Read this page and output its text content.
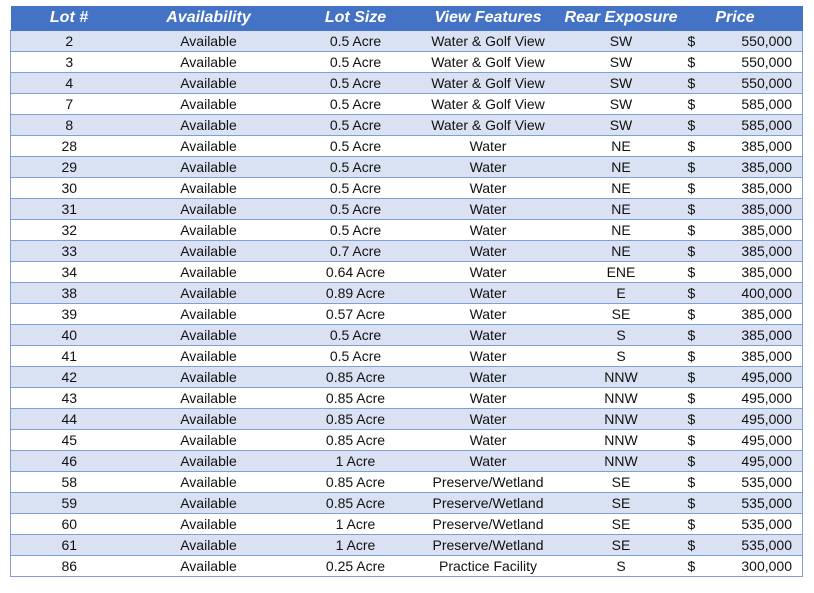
Lot #	Availability	Lot Size	View Features	Rear Exposure	Price
2	Available	0.5 Acre	Water & Golf View	SW	$ 550,000

3	Available	0.5 Acre	Water & Golf View	SW	$ 550,000

4	Available	0.5 Acre	Water & Golf View	SW	$ 550,000

7	Available	0.5 Acre	Water & Golf View	SW	$ 585,000

8	Available	0.5 Acre	Water & Golf View	SW	$ 585,000

28	Available	0.5 Acre	Water	NE	$ 385,000

29	Available	0.5 Acre	Water	NE	$ 385,000

30	Available	0.5 Acre	Water	NE	$ 385,000

31	Available	0.5 Acre	Water	NE	$ 385,000

32	Available	0.5 Acre	Water	NE	$ 385,000

33	Available	0.7 Acre	Water	NE	$ 385,000

34	Available	0.64 Acre	Water	ENE	$ 385,000

38	Available	0.89 Acre	Water	E	$ 400,000

39	Available	0.57 Acre	Water	SE	$ 385,000

40	Available	0.5 Acre	Water	S	$ 385,000

41	Available	0.5 Acre	Water	S	$ 385,000

42	Available	0.85 Acre	Water	NNW	$ 495,000

43	Available	0.85 Acre	Water	NNW	$ 495,000

44	Available	0.85 Acre	Water	NNW	$ 495,000

45	Available	0.85 Acre	Water	NNW	$ 495,000

46	Available	1 Acre	Water	NNW	$ 495,000

58	Available	0.85 Acre	Preserve/Wetland	SE	$ 535,000

59	Available	0.85 Acre	Preserve/Wetland	SE	$ 535,000

60	Available	1 Acre	Preserve/Wetland	SE	$ 535,000

61	Available	1 Acre	Preserve/Wetland	SE	$ 535,000

86	Available	0.25 Acre	Practice Facility	S	$ 300,000
